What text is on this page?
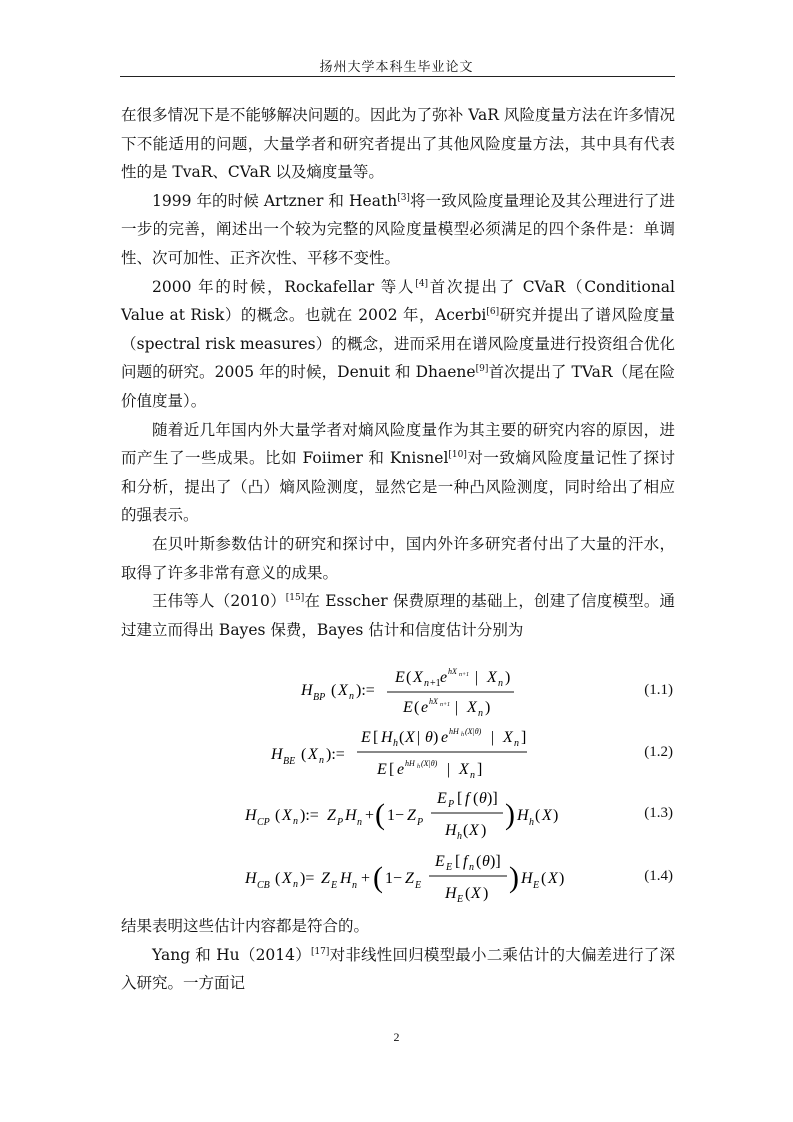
扬州大学本科生毕业论文

在很多情况下是不能够解决问题的。因此为了弥补 VaR 风险度量方法在许多情况下不能适用的问题，大量学者和研究者提出了其他风险度量方法，其中具有代表性的是 TvaR、CVaR 以及熵度量等。

1999 年的时候 Artzner 和 Heath[3]将一致风险度量理论及其公理进行了进一步的完善，阐述出一个较为完整的风险度量模型必须满足的四个条件是：单调性、次可加性、正齐次性、平移不变性。

2000 年的时候，Rockafellar 等人[4]首次提出了 CVaR（Conditional Value at Risk）的概念。也就在 2002 年，Acerbi[6]研究并提出了谱风险度量（spectral risk measures）的概念，进而采用在谱风险度量进行投资组合优化问题的研究。2005 年的时候，Denuit 和 Dhaene[9]首次提出了 TVaR（尾在险价值度量）。

随着近几年国内外大量学者对熵风险度量作为其主要的研究内容的原因，进而产生了一些成果。比如 Foiimer 和 Knisnel[10]对一致熵风险度量记性了探讨和分析，提出了（凸）熵风险测度，显然它是一种凸风险测度，同时给出了相应的强表示。

在贝叶斯参数估计的研究和探讨中，国内外许多研究者付出了大量的汗水，取得了许多非常有意义的成果。

王伟等人（2010）[15]在 Esscher 保费原理的基础上，创建了信度模型。通过建立而得出 Bayes 保费，Bayes 估计和信度估计分别为

H BP ( X n ):=
E ( X n +1 e hX n+1 | X n )
E ( e hX n+1 | X n )
(1.1)
H BE ( X n ):=
E [ H h ( X | θ ) e hH h (X|θ) | X n ]
E [ e hH h (X|θ) | X n ]
(1.2)
H CP ( X n ):= Z P H n + ( 1− Z P
E P [ f ( θ )]
H h ( X ) ) H h ( X )	(1.3)
H CB ( X n )= Z E H n + ( 1− Z E
E E [ f n ( θ )]
H E ( X ) ) H E ( X )	(1.4)

结果表明这些估计内容都是符合的。

Yang 和 Hu（2014）[17]对非线性回归模型最小二乘估计的大偏差进行了深入研究。一方面记

2
